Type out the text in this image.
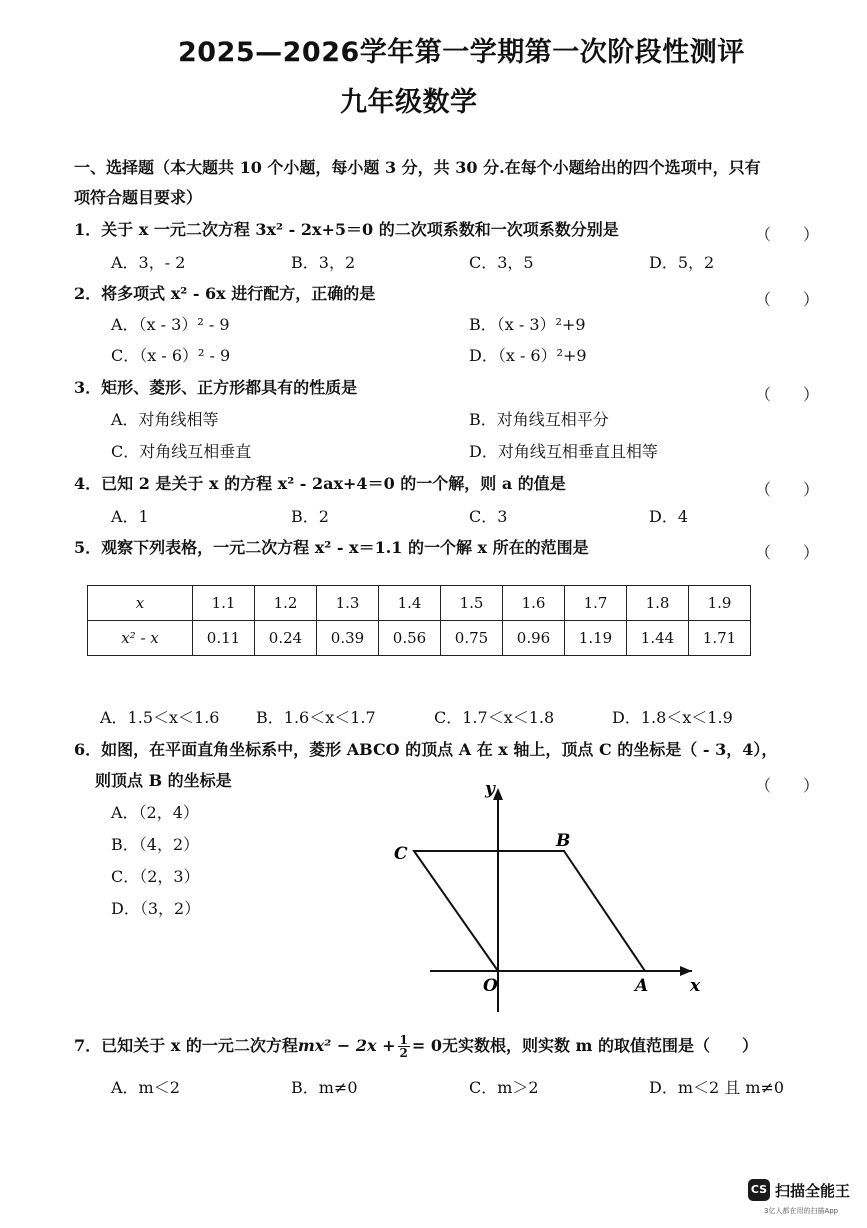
2025—2026学年第一学期第一次阶段性测评
九年级数学
一、选择题（本大题共 10 个小题，每小题 3 分，共 30 分.在每个小题给出的四个选项中，只有
项符合题目要求）
1．关于 x 一元二次方程 3x² - 2x+5＝0 的二次项系数和一次项系数分别是	（　　）
A．3，- 2	B．3，2	C．3，5	D．5，2
2．将多项式 x² - 6x 进行配方，正确的是	（　　）
A．（x - 3）² - 9	B．（x - 3）²+9
C．（x - 6）² - 9	D．（x - 6）²+9
3．矩形、菱形、正方形都具有的性质是	（　　）
A．对角线相等	B．对角线互相平分
C．对角线互相垂直	D．对角线互相垂直且相等
4．已知 2 是关于 x 的方程 x² - 2ax+4＝0 的一个解，则 a 的值是	（　　）
A．1	B．2	C．3	D．4
5．观察下列表格，一元二次方程 x² - x＝1.1 的一个解 x 所在的范围是	（　　）
x	1.1	1.2	1.3	1.4	1.5	1.6	1.7	1.8	1.9
x² - x	0.11	0.24	0.39	0.56	0.75	0.96	1.19	1.44	1.71
A．1.5＜x＜1.6 B．1.6＜x＜1.7	C．1.7＜x＜1.8	D．1.8＜x＜1.9
6．如图，在平面直角坐标系中，菱形 ABCO 的顶点 A 在 x 轴上，顶点 C 的坐标是（ - 3，4），
则顶点 B 的坐标是	（　　）
A．（2，4）
B．（4，2）
C．（2，3）
D．（3，2）
y
x
O	A
B
C
7．已知关于 x 的一元二次方程$mx^2 - 2x + \frac{1}{2} = 0$无实数根，则实数 m 的取值范围是（　　）
A．m＜2	B．m≠0	C．m＞2	D．m＜2 且 m≠0
CS 扫描全能王
3亿人都在用的扫描App
